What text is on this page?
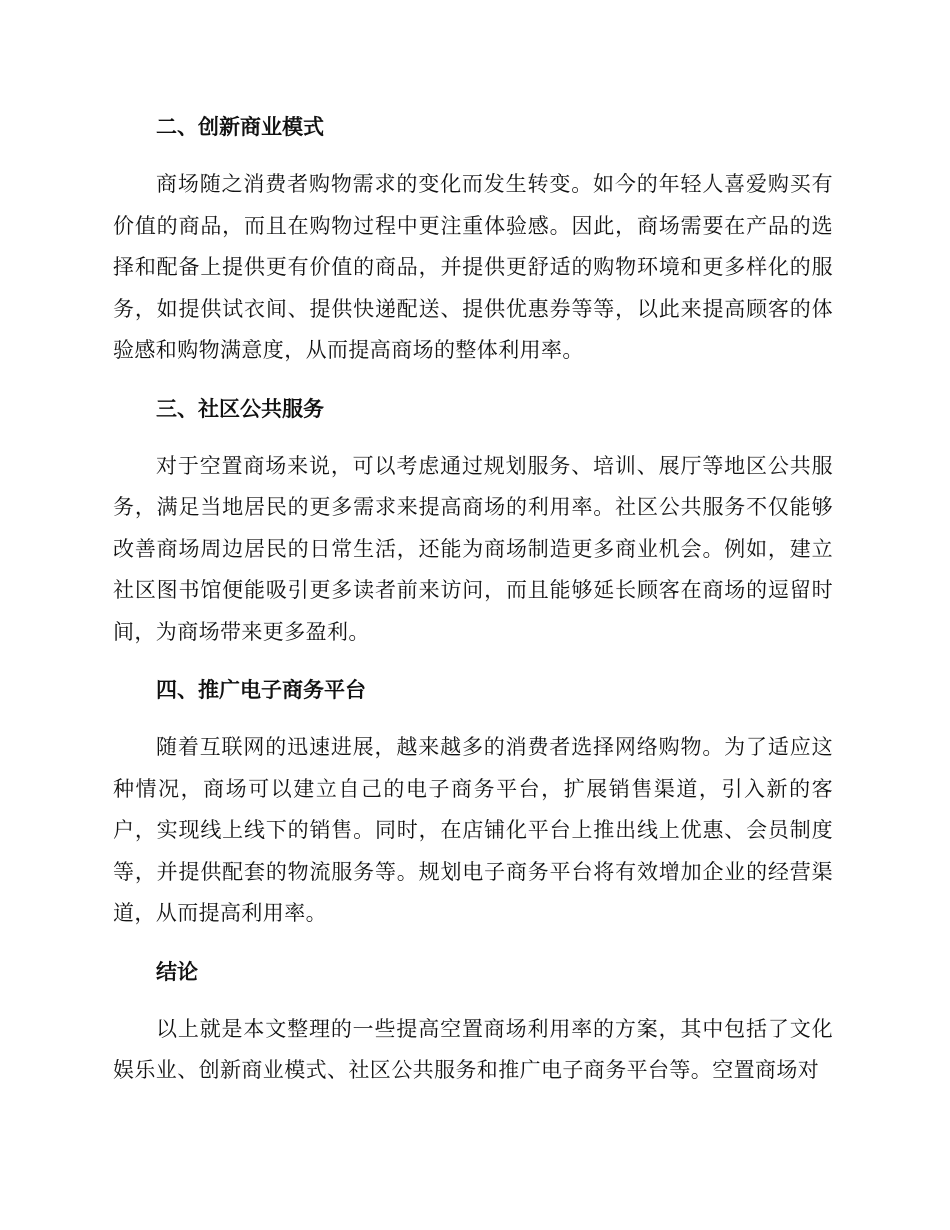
二、创新商业模式

商场随之消费者购物需求的变化而发生转变。如今的年轻人喜爱购买有价值的商品，而且在购物过程中更注重体验感。因此，商场需要在产品的选择和配备上提供更有价值的商品，并提供更舒适的购物环境和更多样化的服务，如提供试衣间、提供快递配送、提供优惠券等等，以此来提高顾客的体验感和购物满意度，从而提高商场的整体利用率。

三、社区公共服务

对于空置商场来说，可以考虑通过规划服务、培训、展厅等地区公共服务，满足当地居民的更多需求来提高商场的利用率。社区公共服务不仅能够改善商场周边居民的日常生活，还能为商场制造更多商业机会。例如，建立社区图书馆便能吸引更多读者前来访问，而且能够延长顾客在商场的逗留时间，为商场带来更多盈利。

四、推广电子商务平台

随着互联网的迅速进展，越来越多的消费者选择网络购物。为了适应这种情况，商场可以建立自己的电子商务平台，扩展销售渠道，引入新的客户，实现线上线下的销售。同时，在店铺化平台上推出线上优惠、会员制度等，并提供配套的物流服务等。规划电子商务平台将有效增加企业的经营渠道，从而提高利用率。

结论

以上就是本文整理的一些提高空置商场利用率的方案，其中包括了文化娱乐业、创新商业模式、社区公共服务和推广电子商务平台等。空置商场对
